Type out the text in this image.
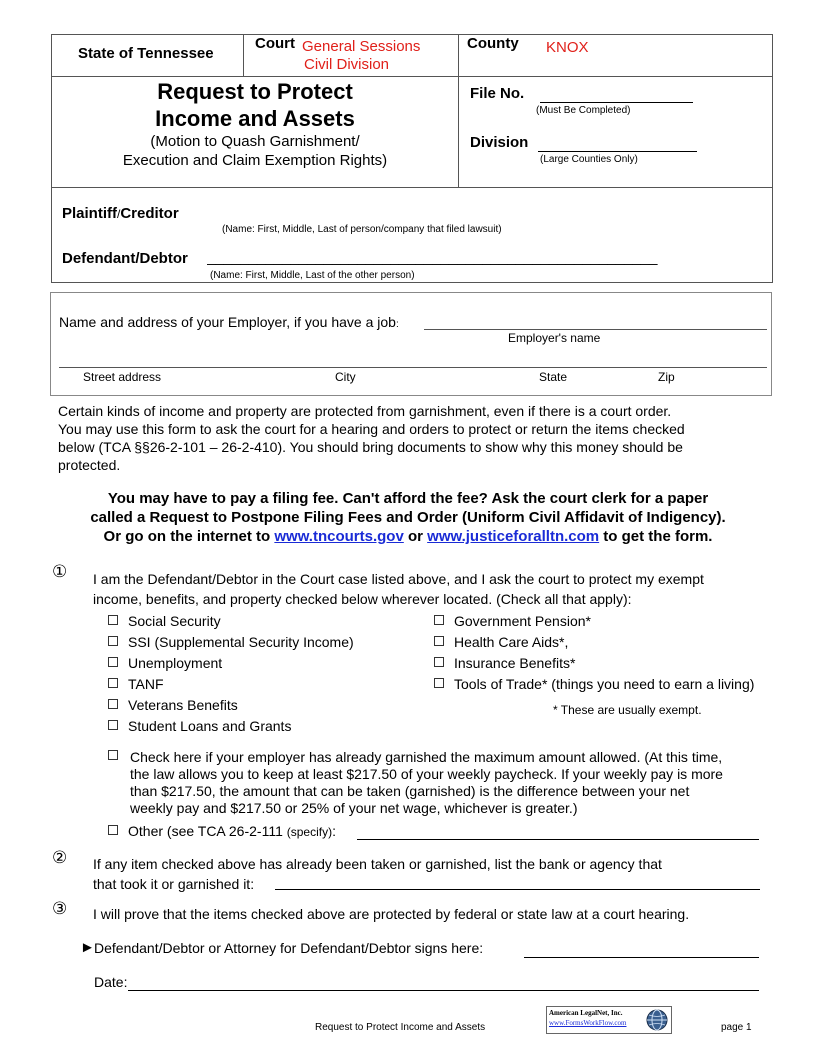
State of Tennessee
Court General Sessions
Civil Division
County KNOX
Request to Protect
Income and Assets
(Motion to Quash Garnishment/
Execution and Claim Exemption Rights)
File No.
(Must Be Completed)
Division
(Large Counties Only)
Plaintiff/Creditor
(Name: First, Middle, Last of person/company that filed lawsuit)
Defendant/Debtor ______________________________________________________
(Name: First, Middle, Last of the other person)
Name and address of your Employer, if you have a job:
Employer's name
Street address	City	State	Zip
Certain kinds of income and property are protected from garnishment, even if there is a court order.
You may use this form to ask the court for a hearing and orders to protect or return the items checked
below (TCA §§26-2-101 – 26-2-410). You should bring documents to show why this money should be
protected.
You may have to pay a filing fee. Can't afford the fee? Ask the court clerk for a paper
called a Request to Postpone Filing Fees and Order (Uniform Civil Affidavit of Indigency).
Or go on the internet to www.tncourts.gov or www.justiceforalltn.com to get the form.
① I am the Defendant/Debtor in the Court case listed above, and I ask the court to protect my exempt
income, benefits, and property checked below wherever located. (Check all that apply):
Social Security
SSI (Supplemental Security Income)
Unemployment
TANF
Veterans Benefits
Student Loans and Grants
Government Pension*
Health Care Aids*,
Insurance Benefits*
Tools of Trade* (things you need to earn a living)
* These are usually exempt.
Check here if your employer has already garnished the maximum amount allowed. (At this time,
the law allows you to keep at least $217.50 of your weekly paycheck. If your weekly pay is more
than $217.50, the amount that can be taken (garnished) is the difference between your net
weekly pay and $217.50 or 25% of your net wage, whichever is greater.)
Other (see TCA 26-2-111 (specify):
② If any item checked above has already been taken or garnished, list the bank or agency that
that took it or garnished it:
③ I will prove that the items checked above are protected by federal or state law at a court hearing.
► Defendant/Debtor or Attorney for Defendant/Debtor signs here:
Date:
Request to Protect Income and Assets
American LegalNet, Inc.
www.FormsWorkFlow.com	page 1
